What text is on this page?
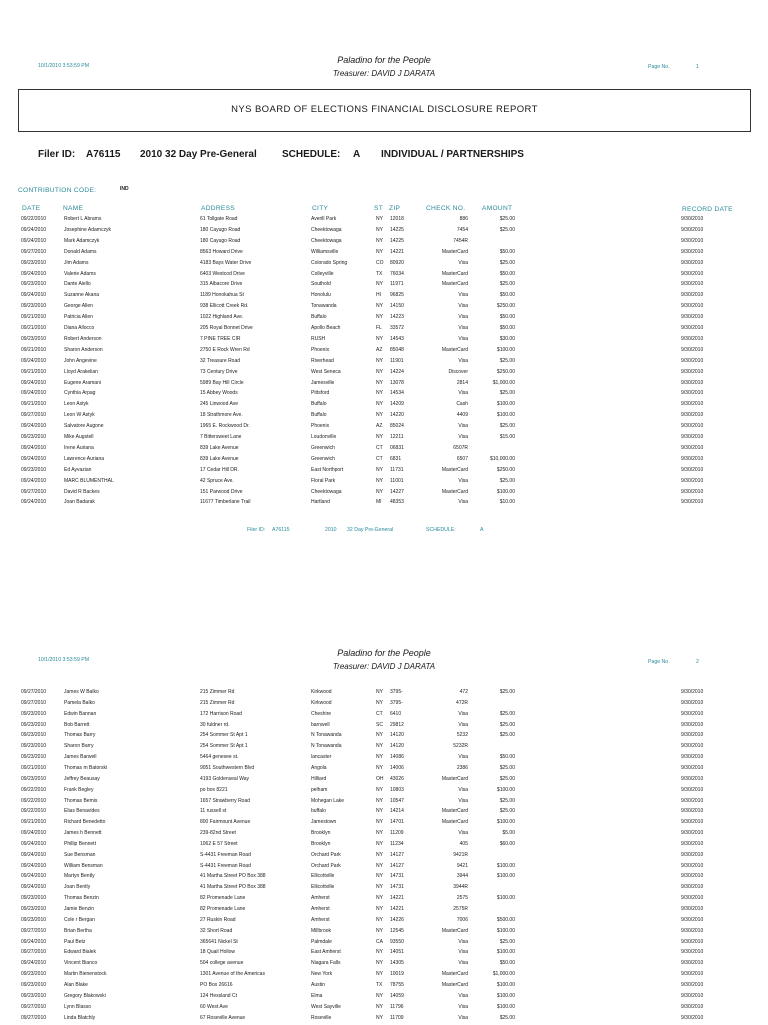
10/1/2010 3:53:59 PM
Paladino for the People
Treasurer: DAVID J DARATA
Page No.	1
NYS BOARD OF ELECTIONS FINANCIAL DISCLOSURE REPORT
Filer ID: A76115 2010 32 Day Pre-General	SCHEDULE: A INDIVIDUAL / PARTNERSHIPS
CONTRIBUTION CODE:	IND
DATE	NAME	ADDRESS	CITY	ST ZIP	CHECK NO.	AMOUNT	RECORD DATE
09/22/2010	Robert L Abrams	61 Tollgate Road	Averill Park	NY 12018	886	$25.00	9/30/2010
09/24/2010	Josephine Adamczyk	180 Cayugo Road	Cheektowaga	NY 14225	7454	$25.00	9/30/2010
09/24/2010	Mark Adamczyk	180 Cayugo Road	Cheektowaga	NY 14225	7454R	9/30/2010
09/27/2010	Donald Adams	8563 Howard Drive	Williamsville	NY 14221	MasterCard	$50.00	9/30/2010
09/23/2010	Jim Adams	4183 Bays Water Drive	Colorado Spring	CO 80920	Visa	$25.00	9/30/2010
09/24/2010	Valerie Adams	6403 Westcod Drive	Colleyville	TX 76034	MasterCard	$50.00	9/30/2010
09/23/2010	Dante Aiello	315 Albacore Drive	Southold	NY 11971	MasterCard	$25.00	9/30/2010
09/24/2010	Suzanne Akana	1189 Honokahua St	Honolulu	HI 96825	Visa	$50.00	9/30/2010
09/23/2010	George Allen	938 Ellicott Creek Rd.	Tonawanda	NY 14150	Visa	$250.00	9/30/2010
09/21/2010	Patricia Allen	1022 Highland Ave.	Buffalo	NY 14223	Visa	$50.00	9/30/2010
09/21/2010	Diana Allocco	205 Royal Bonnet Drive	Apollo Beach	FL 33572	Visa	$50.00	9/30/2010
09/23/2010	Robert Anderson	7 PINE TREE CIR	RUSH	NY 14543	Visa	$30.00	9/30/2010
09/21/2010	Sharon Anderson	2750 E Rock Wren Rd	Phoenix	AZ 85048	MasterCard	$100.00	9/30/2010
09/24/2010	John Angevine	32 Treasure Road	Riverhead	NY 11901	Visa	$25.00	9/30/2010
09/21/2010	Lloyd Arakelian	73 Century Drive	West Seneca	NY 14224	Discover	$250.00	9/30/2010
09/24/2010	Eugene Aramani	5989 Bay Hill Circle	Jamesville	NY 13078	2814	$1,000.00	9/30/2010
09/24/2010	Cynthia Arpag	15 Abbey Woods	Pittsford	NY 14534	Visa	$25.00	9/30/2010
09/21/2010	Leon Astyk	245 Linwood Ave	Buffalo	NY 14209	Cash	$100.00	9/30/2010
09/27/2010	Leon W Astyk	18 Strathmore Ave.	Buffalo	NY 14220	4409	$100.00	9/30/2010
09/24/2010	Salvatore Augone	1965 E. Rockwood Dr.	Phoenix	AZ 85024	Visa	$25.00	9/30/2010
09/23/2010	Mike Augstell	7 Bittersweet Lane	Loudonville	NY 12211	Visa	$15.00	9/30/2010
09/24/2010	Irene Auriana	839 Lake Avenue	Greenwich	CT 06831	6507R	9/30/2010
09/24/2010	Lawrence Auriana	839 Lake Avenue	Greenwich	CT 6831	6507	$10,000.00	9/30/2010
09/23/2010	Ed Ayvazian	17 Cedar Hill DR.	East Northport	NY 11731	MasterCard	$250.00	9/30/2010
09/24/2010	MARC BLUMENTHAL	42 Spruce Ave.	Floral Park	NY 11001	Visa	$25.00	9/30/2010
09/27/2010	David R Backes	151 Parwood Drive	Cheektowaga	NY 14227	MasterCard	$100.00	9/30/2010
09/24/2010	Joan Badarak	11677 Timberlane Trail	Hartland	MI 48353	Visa	$10.00	9/30/2010
Filer ID: A76115	2010 32 Day Pre-General	SCHEDULE:	A
10/1/2010 3:53:59 PM
Paladino for the People
Treasurer: DAVID J DARATA	Page No.	2
09/27/2010	James W Balko	215 Zimmer Rd	Kirkwood	NY 3795-	472	$25.00	9/30/2010
09/27/2010	Pamela Balko	215 Zimmer Rd	Kirkwood	NY 3795-	472R	9/30/2010
09/23/2010	Edwin Bannan	172 Harrison Road	Cheshire	CT 6410	Visa	$25.00	9/30/2010
09/23/2010	Bob Barrett	30 fuldner rd.	barnwell	SC 29812	Visa	$25.00	9/30/2010
09/23/2010	Thomas Barry	254 Sommer St Apt 1	N Tonawanda	NY 14120	5232	$25.00	9/30/2010
09/23/2010	Sharon Barry	254 Sommer St Apt 1	N Tonawanda	NY 14120	5232R	9/30/2010
09/23/2010	James Barwell	5464 genesee st.	lancaster	NY 14086	Visa	$50.00	9/30/2010
09/21/2010	Thomas m Batorski	9051 Southwestern Blvd	Angola	NY 14006	2386	$25.00	9/30/2010
09/23/2010	Jeffrey Beausay	4193 Goldenseal Way	Hilliard	OH 43026	MasterCard	$25.00	9/30/2010
09/22/2010	Frank Begley	po box 8221	pelham	NY 10803	Visa	$100.00	9/30/2010
09/22/2010	Thomas Bemis	1657 Strawberry Road	Mohegan Lake	NY 10547	Visa	$25.00	9/30/2010
09/22/2010	Elias Benavides	11 russell st	buffalo	NY 14214	MasterCard	$25.00	9/30/2010
09/21/2010	Richard Benedetto	800 Fairmount Avenue	Jamestown	NY 14701	MasterCard	$100.00	9/30/2010
09/24/2010	James h Bennett	239-82nd Street	Brooklyn	NY 11209	Visa	$5.00	9/30/2010
09/24/2010	Phillip Bennett	1062 E 57 Street	Brooklyn	NY 11234	405	$60.00	9/30/2010
09/24/2010	Sue Bensman	S-4431 Freeman Road	Orchard Park	NY 14127	9421R	9/30/2010
09/24/2010	William Bensman	S-4431 Freeman Road	Orchard Park	NY 14127	9421	$100.00	9/30/2010
09/24/2010	Martyn Bently	41 Martha Street PO Box 388	Ellicottville	NY 14731	3944	$100.00	9/30/2010
09/24/2010	Joan Bently	41 Martha Street PO Box 388	Ellicottville	NY 14731	3944R	9/30/2010
09/23/2010	Thomas Benzin	82 Promenade Lane	Amherst	NY 14221	2575	$100.00	9/30/2010
09/23/2010	Jamie Benzin	82 Promenade Lane	Amherst	NY 14221	2575R	9/30/2010
09/23/2010	Cole r Bergan	27 Ruskin Road	Amherst	NY 14226	7006	$500.00	9/30/2010
09/27/2010	Brian Bertha	32 Short Road	Millbrook	NY 12545	MasterCard	$100.00	9/30/2010
09/24/2010	Paul Betz	365641 Nickel St	Palmdale	CA 93550	Visa	$25.00	9/30/2010
09/27/2010	Edward Bialek	18 Quail Hollow	East Amherst	NY 14051	Visa	$100.00	9/30/2010
09/24/2010	Vincent Bianco	504 college avenue	Niagara Falls	NY 14305	Visa	$50.00	9/30/2010
09/23/2010	Martin Bienenstock	1301 Avenue of the Americas	New York	NY 10019	MasterCard	$1,000.00	9/30/2010
09/23/2010	Alan Blake	PO Box 26616	Austin	TX 78755	MasterCard	$100.00	9/30/2010
09/23/2010	Gregory Blakowski	124 Hessland Ct	Elma	NY 14059	Visa	$100.00	9/30/2010
09/27/2010	Lynn Blasso	60 West Ave	West Sayville	NY 11796	Visa	$100.00	9/30/2010
09/27/2010	Linda Blatchly	67 Roseville Avenue	Roseville	NY 11709	Visa	$25.00	9/30/2010
